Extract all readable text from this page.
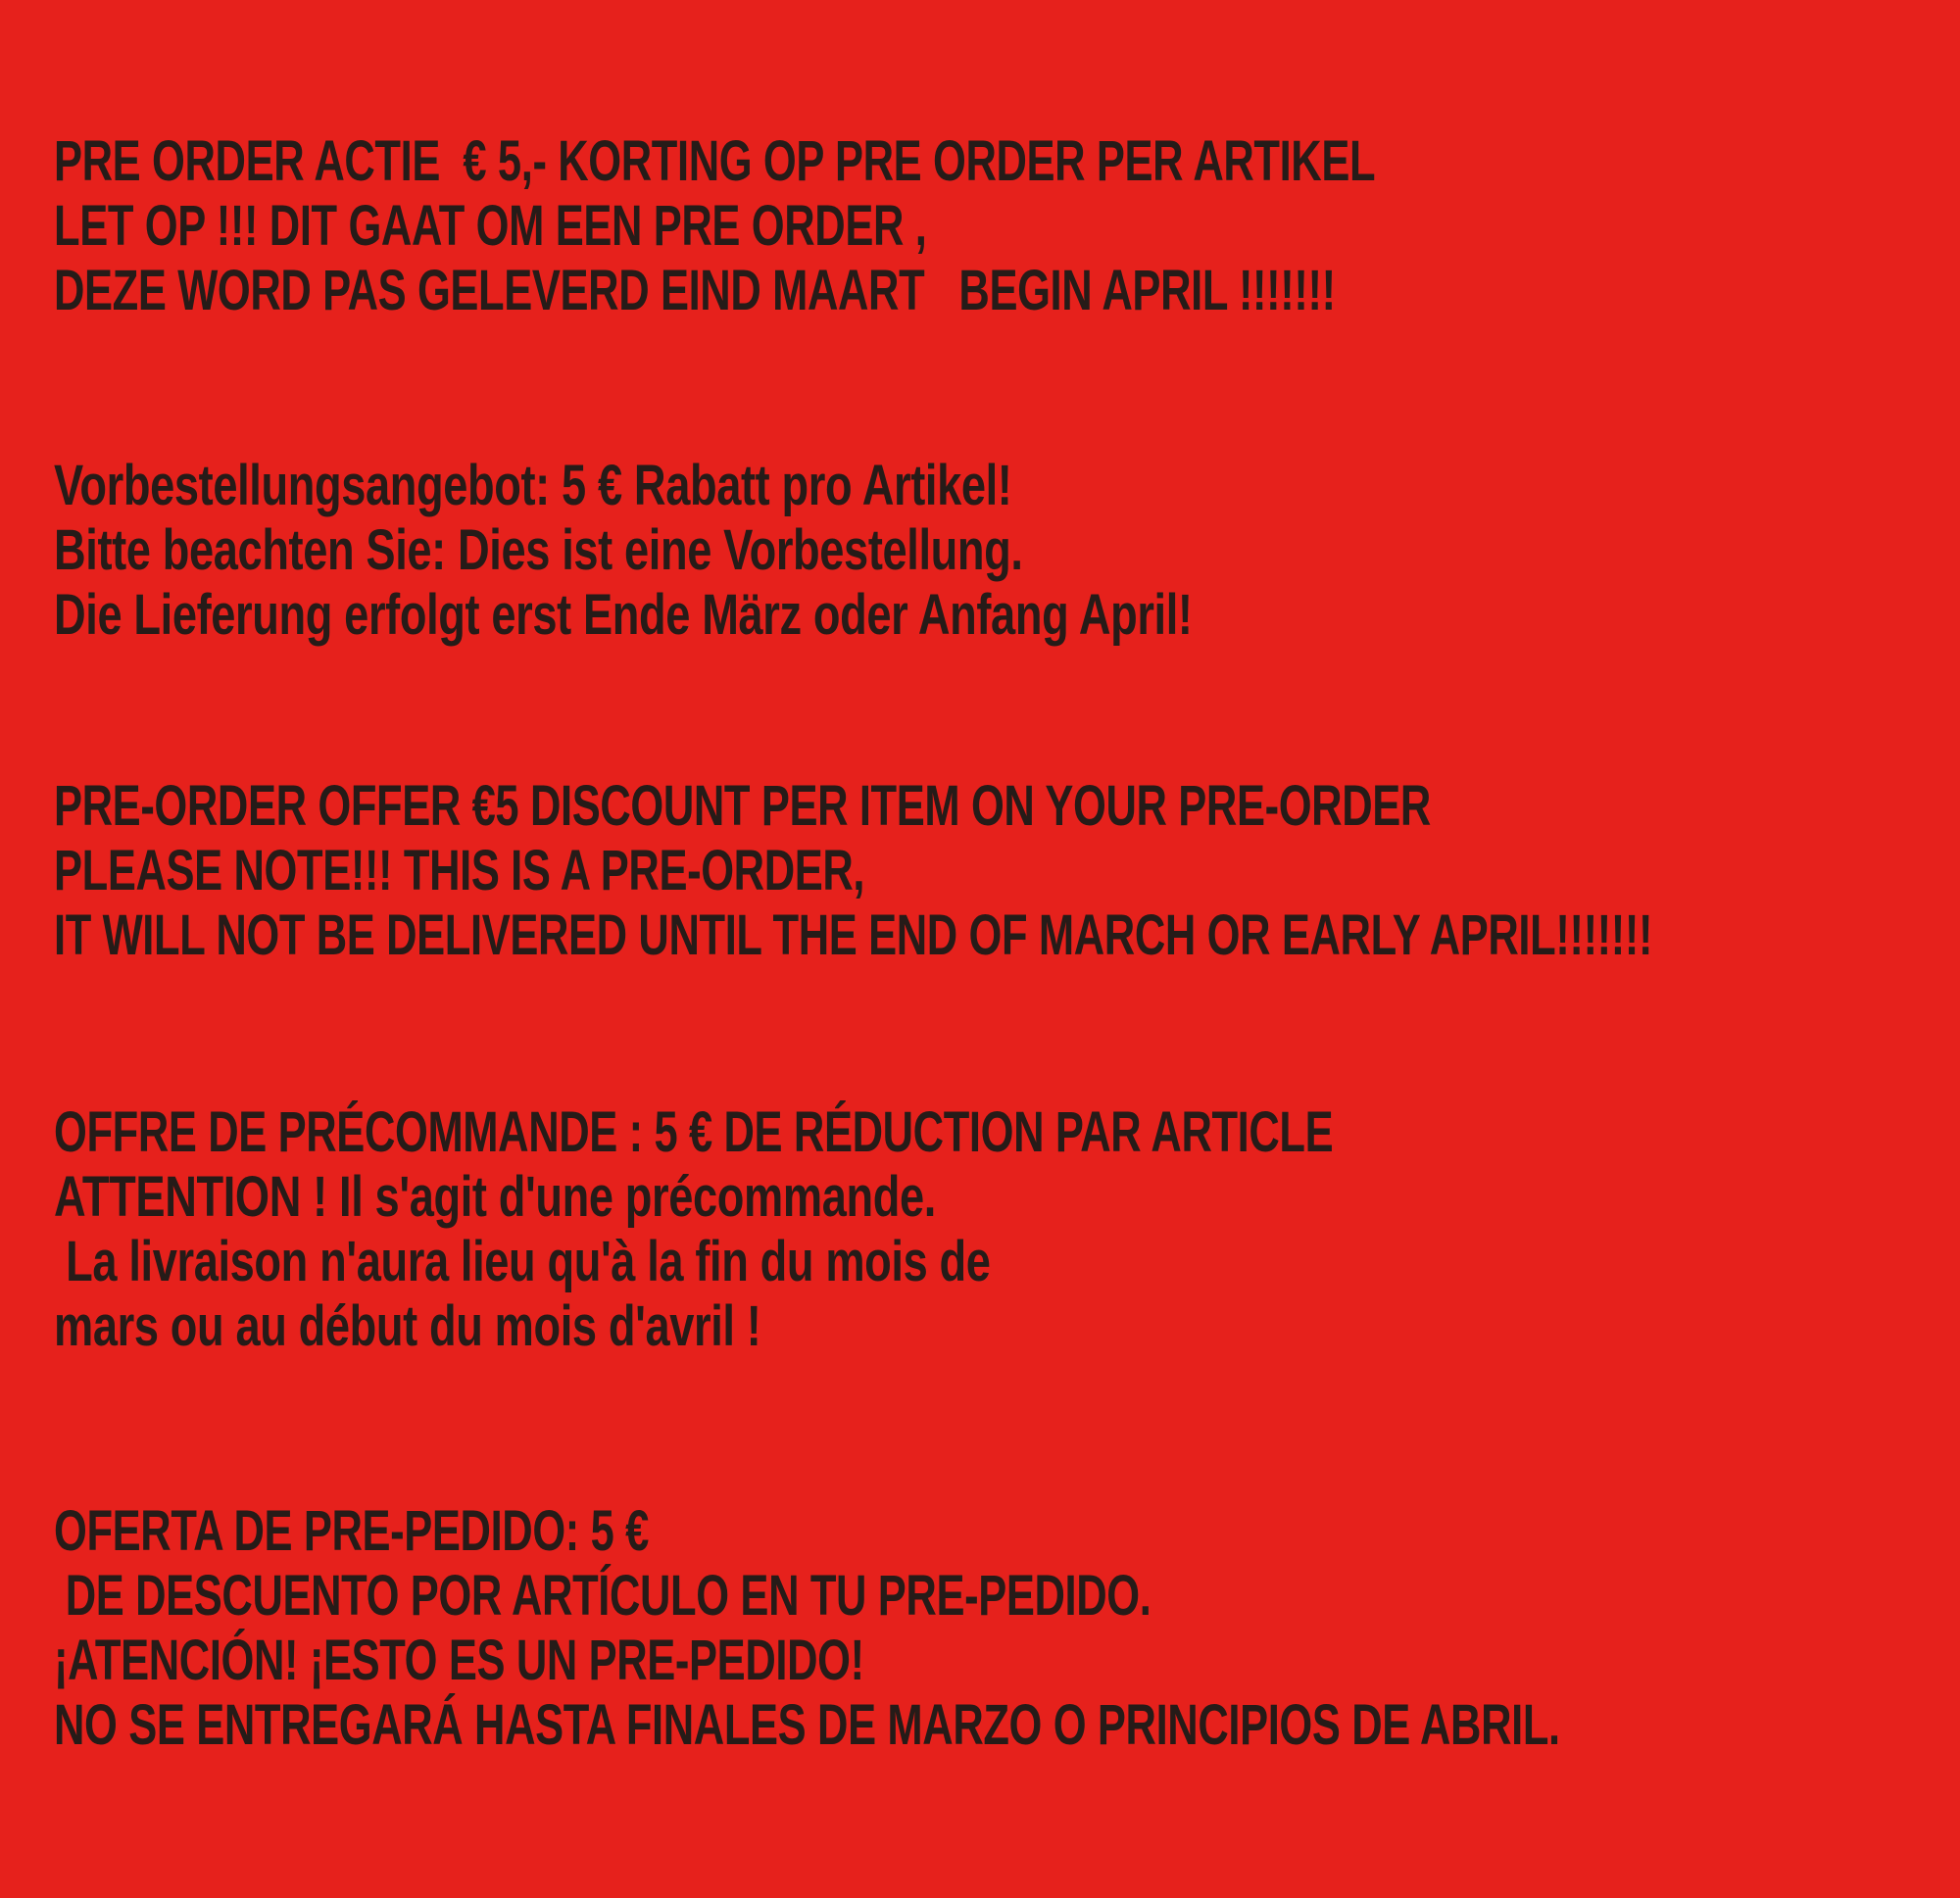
PRE ORDER ACTIE  € 5,- KORTING OP PRE ORDER PER ARTIKEL
LET OP !!! DIT GAAT OM EEN PRE ORDER ,
DEZE WORD PAS GELEVERD EIND MAART   BEGIN APRIL !!!!!!!
Vorbestellungsangebot: 5 € Rabatt pro Artikel!
Bitte beachten Sie: Dies ist eine Vorbestellung.
Die Lieferung erfolgt erst Ende März oder Anfang April!
PRE-ORDER OFFER €5 DISCOUNT PER ITEM ON YOUR PRE-ORDER
PLEASE NOTE!!! THIS IS A PRE-ORDER,
IT WILL NOT BE DELIVERED UNTIL THE END OF MARCH OR EARLY APRIL!!!!!!!
OFFRE DE PRÉCOMMANDE : 5 € DE RÉDUCTION PAR ARTICLE
ATTENTION ! Il s'agit d'une précommande.
La livraison n'aura lieu qu'à la fin du mois de
mars ou au début du mois d'avril !
OFERTA DE PRE-PEDIDO: 5 €
DE DESCUENTO POR ARTÍCULO EN TU PRE-PEDIDO.
¡ATENCIÓN! ¡ESTO ES UN PRE-PEDIDO!
NO SE ENTREGARÁ HASTA FINALES DE MARZO O PRINCIPIOS DE ABRIL.
